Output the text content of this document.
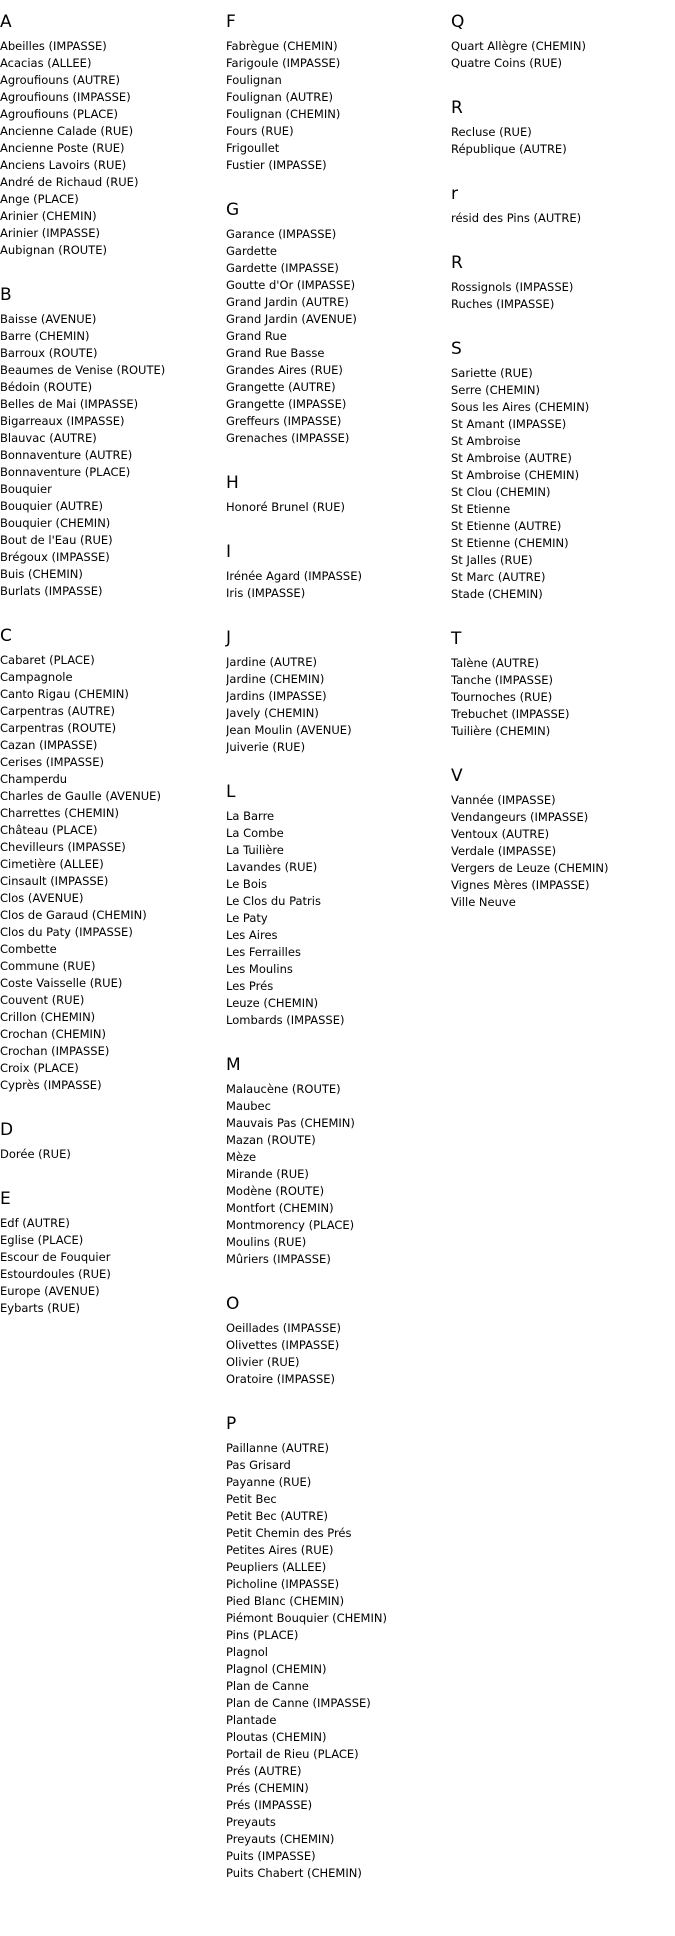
A
Abeilles (IMPASSE)
Acacias (ALLEE)
Agroufiouns (AUTRE)
Agroufiouns (IMPASSE)
Agroufiouns (PLACE)
Ancienne Calade (RUE)
Ancienne Poste (RUE)
Anciens Lavoirs (RUE)
André de Richaud (RUE)
Ange (PLACE)
Arinier (CHEMIN)
Arinier (IMPASSE)
Aubignan (ROUTE)
B
Baisse (AVENUE)
Barre (CHEMIN)
Barroux (ROUTE)
Beaumes de Venise (ROUTE)
Bédoin (ROUTE)
Belles de Mai (IMPASSE)
Bigarreaux (IMPASSE)
Blauvac (AUTRE)
Bonnaventure (AUTRE)
Bonnaventure (PLACE)
Bouquier
Bouquier (AUTRE)
Bouquier (CHEMIN)
Bout de l'Eau (RUE)
Brégoux (IMPASSE)
Buis (CHEMIN)
Burlats (IMPASSE)
C
Cabaret (PLACE)
Campagnole
Canto Rigau (CHEMIN)
Carpentras (AUTRE)
Carpentras (ROUTE)
Cazan (IMPASSE)
Cerises (IMPASSE)
Champerdu
Charles de Gaulle (AVENUE)
Charrettes (CHEMIN)
Château (PLACE)
Chevilleurs (IMPASSE)
Cimetière (ALLEE)
Cinsault (IMPASSE)
Clos (AVENUE)
Clos de Garaud (CHEMIN)
Clos du Paty (IMPASSE)
Combette
Commune (RUE)
Coste Vaisselle (RUE)
Couvent (RUE)
Crillon (CHEMIN)
Crochan (CHEMIN)
Crochan (IMPASSE)
Croix (PLACE)
Cyprès (IMPASSE)
D
Dorée (RUE)
E
Edf (AUTRE)
Eglise (PLACE)
Escour de Fouquier
Estourdoules (RUE)
Europe (AVENUE)
Eybarts (RUE)
F
Fabrègue (CHEMIN)
Farigoule (IMPASSE)
Foulignan
Foulignan (AUTRE)
Foulignan (CHEMIN)
Fours (RUE)
Frigoullet
Fustier (IMPASSE)
G
Garance (IMPASSE)
Gardette
Gardette (IMPASSE)
Goutte d'Or (IMPASSE)
Grand Jardin (AUTRE)
Grand Jardin (AVENUE)
Grand Rue
Grand Rue Basse
Grandes Aires (RUE)
Grangette (AUTRE)
Grangette (IMPASSE)
Greffeurs (IMPASSE)
Grenaches (IMPASSE)
H
Honoré Brunel (RUE)
I
Irénée Agard (IMPASSE)
Iris (IMPASSE)
J
Jardine (AUTRE)
Jardine (CHEMIN)
Jardins (IMPASSE)
Javely (CHEMIN)
Jean Moulin (AVENUE)
Juiverie (RUE)
L
La Barre
La Combe
La Tuilière
Lavandes (RUE)
Le Bois
Le Clos du Patris
Le Paty
Les Aires
Les Ferrailles
Les Moulins
Les Prés
Leuze (CHEMIN)
Lombards (IMPASSE)
M
Malaucène (ROUTE)
Maubec
Mauvais Pas (CHEMIN)
Mazan (ROUTE)
Mèze
Mirande (RUE)
Modène (ROUTE)
Montfort (CHEMIN)
Montmorency (PLACE)
Moulins (RUE)
Mûriers (IMPASSE)
O
Oeillades (IMPASSE)
Olivettes (IMPASSE)
Olivier (RUE)
Oratoire (IMPASSE)
P
Paillanne (AUTRE)
Pas Grisard
Payanne (RUE)
Petit Bec
Petit Bec (AUTRE)
Petit Chemin des Prés
Petites Aires (RUE)
Peupliers (ALLEE)
Picholine (IMPASSE)
Pied Blanc (CHEMIN)
Piémont Bouquier (CHEMIN)
Pins (PLACE)
Plagnol
Plagnol (CHEMIN)
Plan de Canne
Plan de Canne (IMPASSE)
Plantade
Ploutas (CHEMIN)
Portail de Rieu (PLACE)
Prés (AUTRE)
Prés (CHEMIN)
Prés (IMPASSE)
Preyauts
Preyauts (CHEMIN)
Puits (IMPASSE)
Puits Chabert (CHEMIN)
Q
Quart Allègre (CHEMIN)
Quatre Coins (RUE)
R
Recluse (RUE)
République (AUTRE)
r
résid des Pins (AUTRE)
R
Rossignols (IMPASSE)
Ruches (IMPASSE)
S
Sariette (RUE)
Serre (CHEMIN)
Sous les Aires (CHEMIN)
St Amant (IMPASSE)
St Ambroise
St Ambroise (AUTRE)
St Ambroise (CHEMIN)
St Clou (CHEMIN)
St Etienne
St Etienne (AUTRE)
St Etienne (CHEMIN)
St Jalles (RUE)
St Marc (AUTRE)
Stade (CHEMIN)
T
Talène (AUTRE)
Tanche (IMPASSE)
Tournoches (RUE)
Trebuchet (IMPASSE)
Tuilière (CHEMIN)
V
Vannée (IMPASSE)
Vendangeurs (IMPASSE)
Ventoux (AUTRE)
Verdale (IMPASSE)
Vergers de Leuze (CHEMIN)
Vignes Mères (IMPASSE)
Ville Neuve
